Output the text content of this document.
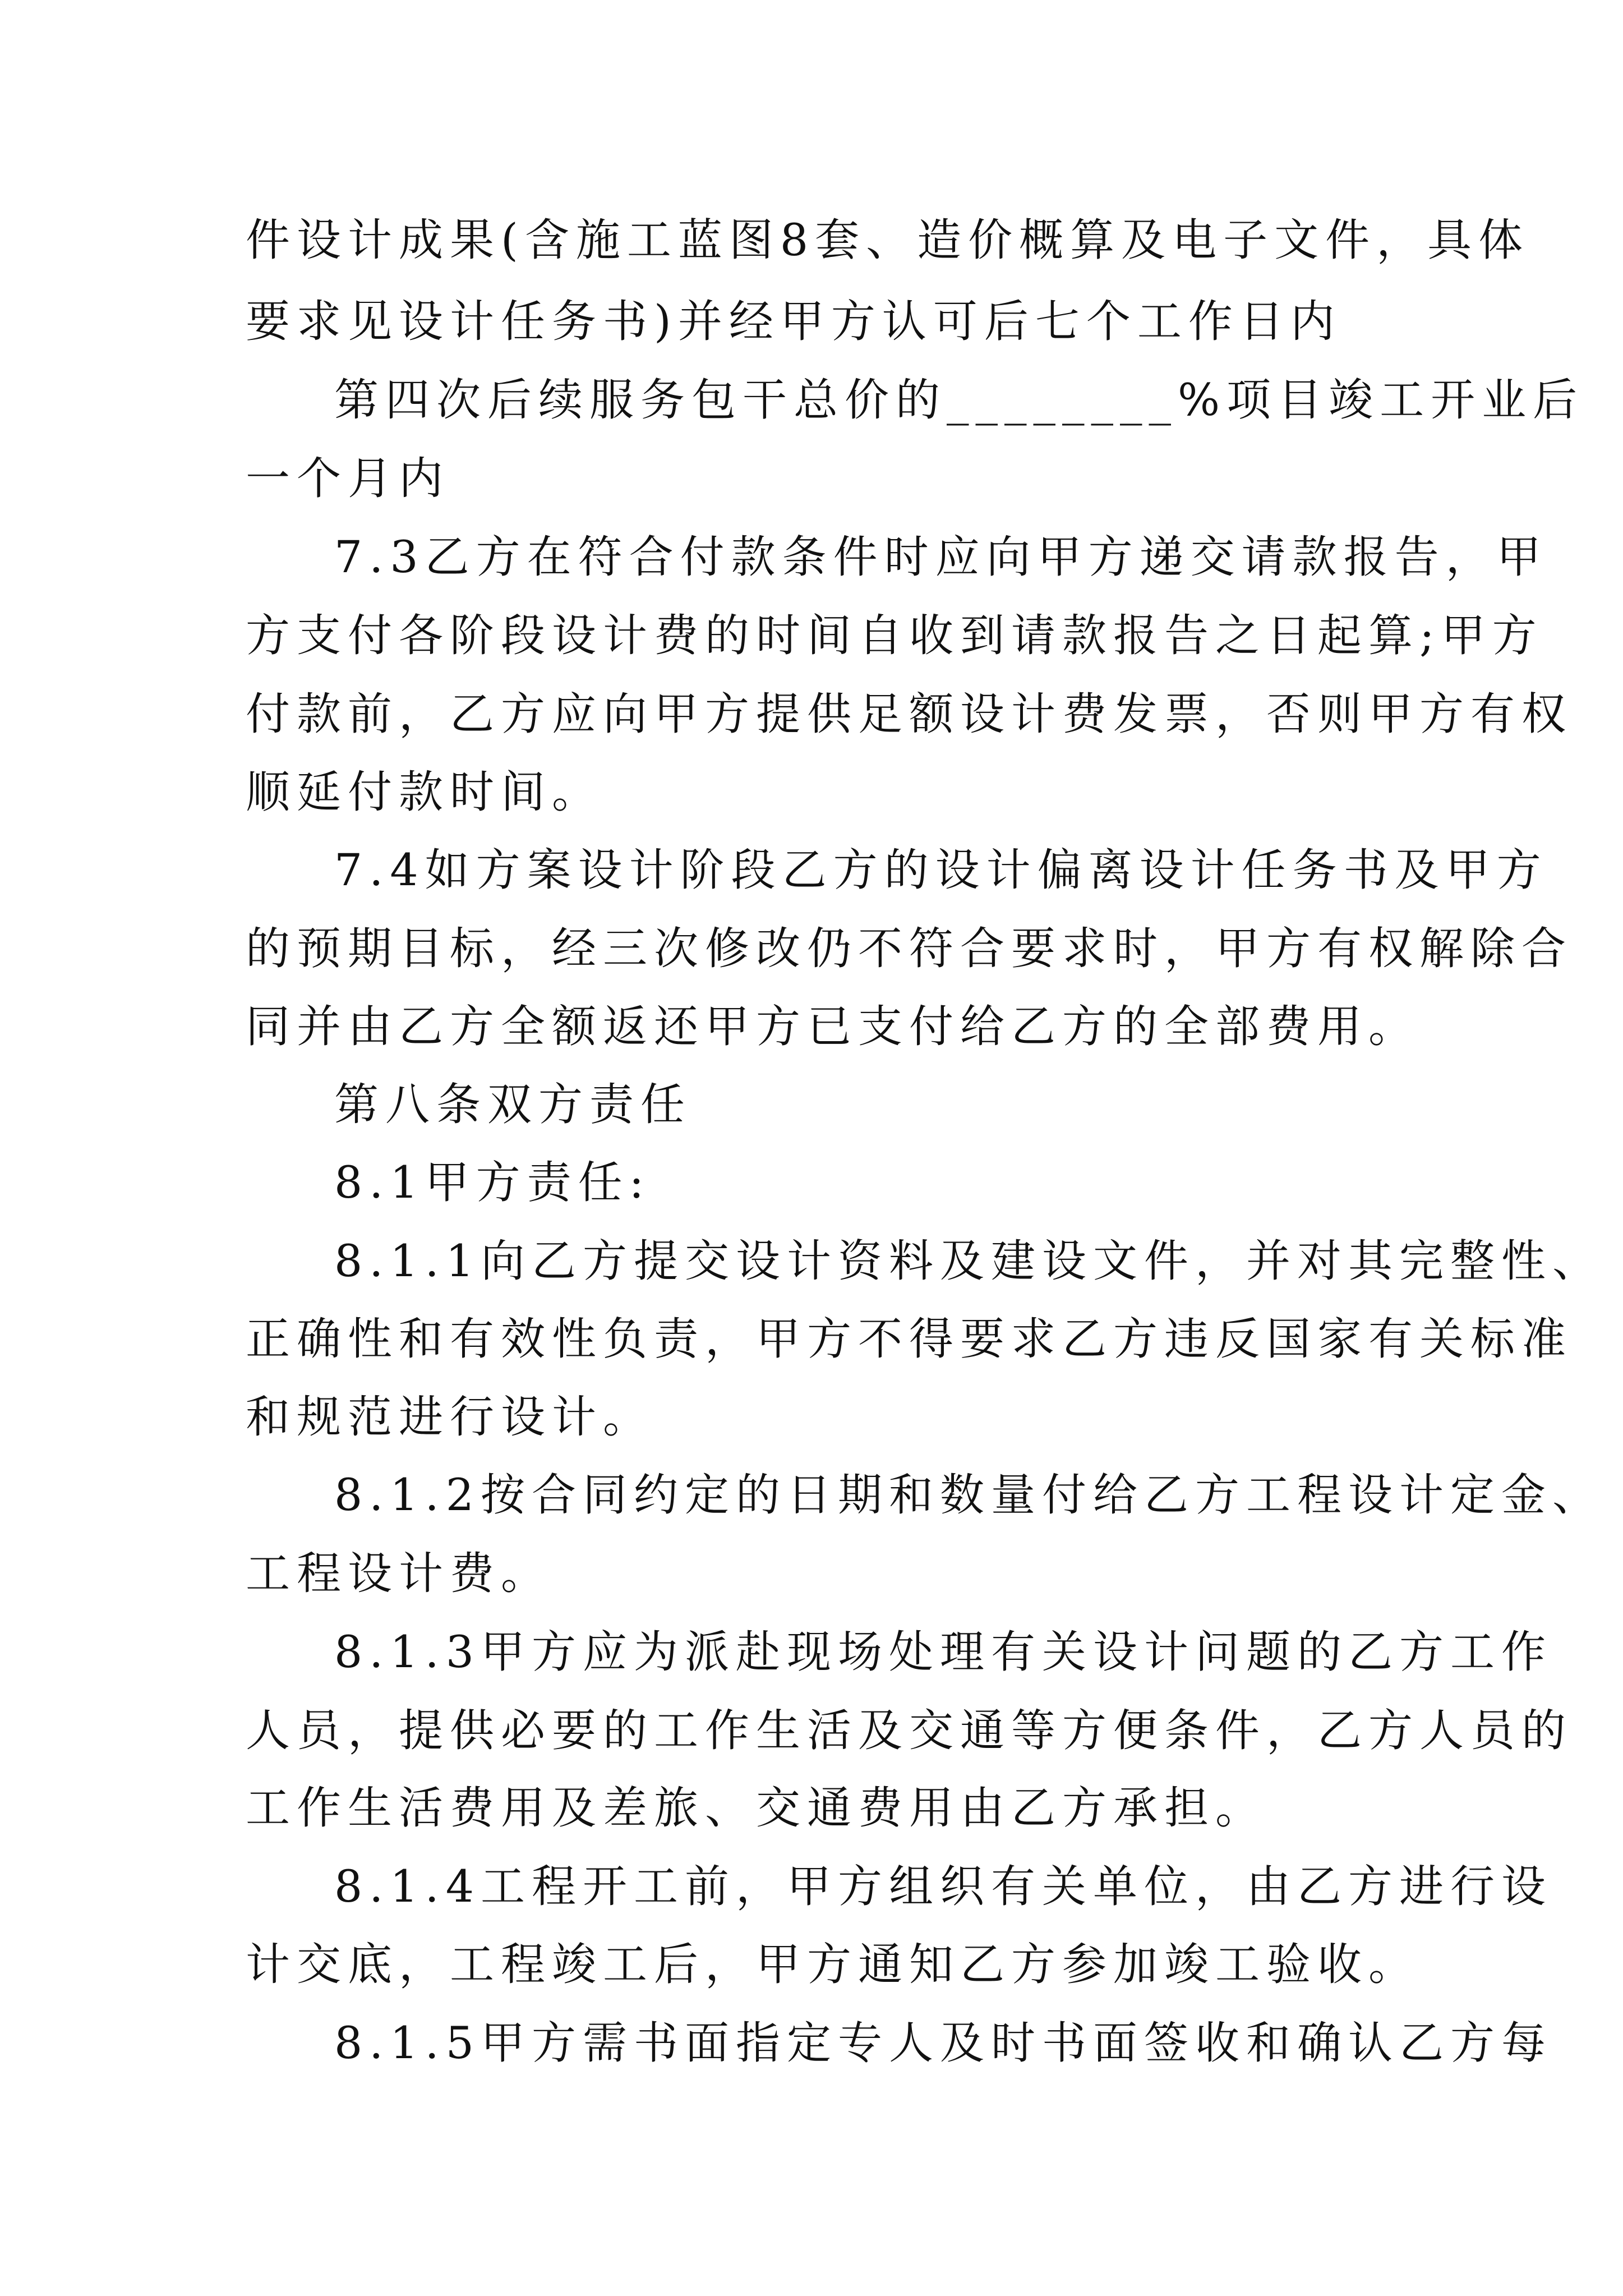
件设计成果(含施工蓝图8套、造价概算及电子文件，具体
要求见设计任务书)并经甲方认可后七个工作日内
第四次后续服务包干总价的________%项目竣工开业后
一个月内
7.3乙方在符合付款条件时应向甲方递交请款报告，甲
方支付各阶段设计费的时间自收到请款报告之日起算;甲方
付款前，乙方应向甲方提供足额设计费发票，否则甲方有权
顺延付款时间。
7.4如方案设计阶段乙方的设计偏离设计任务书及甲方
的预期目标，经三次修改仍不符合要求时，甲方有权解除合
同并由乙方全额返还甲方已支付给乙方的全部费用。
第八条双方责任
8.1甲方责任:
8.1.1向乙方提交设计资料及建设文件，并对其完整性、
正确性和有效性负责，甲方不得要求乙方违反国家有关标准
和规范进行设计。
8.1.2按合同约定的日期和数量付给乙方工程设计定金、
工程设计费。
8.1.3甲方应为派赴现场处理有关设计问题的乙方工作
人员，提供必要的工作生活及交通等方便条件，乙方人员的
工作生活费用及差旅、交通费用由乙方承担。
8.1.4工程开工前，甲方组织有关单位，由乙方进行设
计交底，工程竣工后，甲方通知乙方参加竣工验收。
8.1.5甲方需书面指定专人及时书面签收和确认乙方每
